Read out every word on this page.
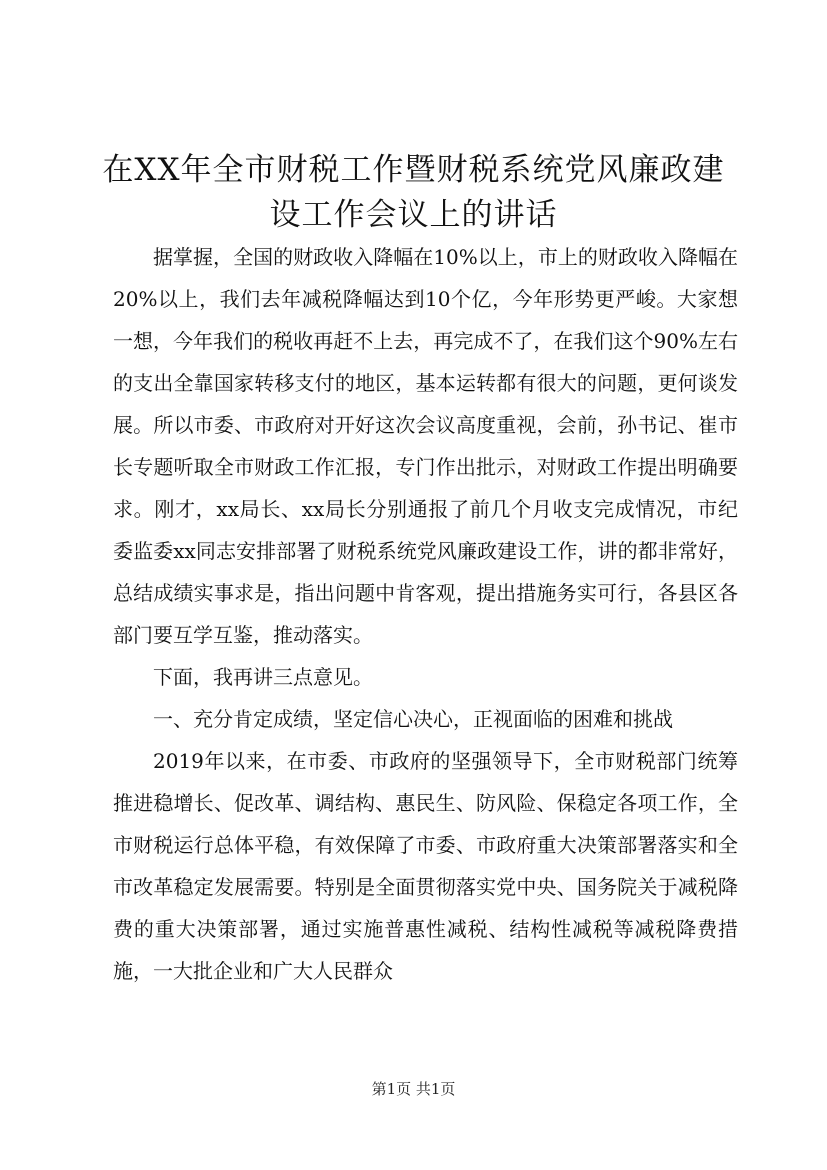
在XX年全市财税工作暨财税系统党风廉政建
设工作会议上的讲话

据掌握，全国的财政收入降幅在10%以上，市上的财政收入降幅在20%以上，我们去年减税降幅达到10个亿，今年形势更严峻。大家想一想，今年我们的税收再赶不上去，再完成不了，在我们这个90%左右的支出全靠国家转移支付的地区，基本运转都有很大的问题，更何谈发展。所以市委、市政府对开好这次会议高度重视，会前，孙书记、崔市长专题听取全市财政工作汇报，专门作出批示，对财政工作提出明确要求。刚才，xx局长、xx局长分别通报了前几个月收支完成情况，市纪委监委xx同志安排部署了财税系统党风廉政建设工作，讲的都非常好，总结成绩实事求是，指出问题中肯客观，提出措施务实可行，各县区各部门要互学互鉴，推动落实。

下面，我再讲三点意见。

一、充分肯定成绩，坚定信心决心，正视面临的困难和挑战

2019年以来，在市委、市政府的坚强领导下，全市财税部门统筹推进稳增长、促改革、调结构、惠民生、防风险、保稳定各项工作，全市财税运行总体平稳，有效保障了市委、市政府重大决策部署落实和全市改革稳定发展需要。特别是全面贯彻落实党中央、国务院关于减税降费的重大决策部署，通过实施普惠性减税、结构性减税等减税降费措施，一大批企业和广大人民群众

第1页 共1页
